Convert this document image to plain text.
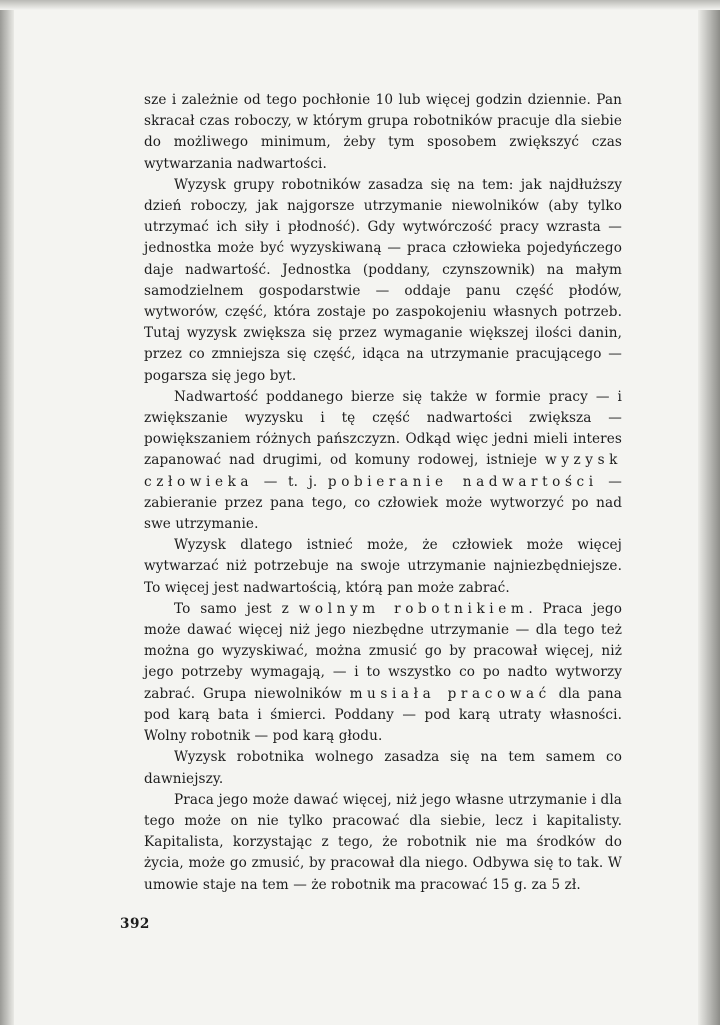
sze i zależnie od tego pochłonie 10 lub więcej godzin dziennie. Pan skracał czas roboczy, w którym grupa robotników pracuje dla siebie do możliwego minimum, żeby tym sposobem zwiększyć czas wytwarzania nadwartości.

Wyzysk grupy robotników zasadza się na tem: jak najdłuższy dzień roboczy, jak najgorsze utrzymanie niewolników (aby tylko utrzymać ich siły i płodność). Gdy wytwórczość pracy wzrasta — jednostka może być wyzyskiwaną — praca człowieka pojedyńczego daje nadwartość. Jednostka (poddany, czynszownik) na małym samodzielnem gospodarstwie — oddaje panu część płodów, wytworów, część, która zostaje po zaspokojeniu własnych potrzeb. Tutaj wyzysk zwiększa się przez wymaganie większej ilości danin, przez co zmniejsza się część, idąca na utrzymanie pracującego — pogarsza się jego byt.

Nadwartość poddanego bierze się także w formie pracy — i zwiększanie wyzysku i tę część nadwartości zwiększa — powiększaniem różnych pańszczyzn. Odkąd więc jedni mieli interes zapanować nad drugimi, od komuny rodowej, istnieje wyzysk człowieka — t. j. pobieranie nadwartości — zabieranie przez pana tego, co człowiek może wytworzyć po nad swe utrzymanie.

Wyzysk dlatego istnieć może, że człowiek może więcej wytwarzać niż potrzebuje na swoje utrzymanie najniezbędniejsze. To więcej jest nadwartością, którą pan może zabrać.

To samo jest z wolnym robotnikiem. Praca jego może dawać więcej niż jego niezbędne utrzymanie — dla tego też można go wyzyskiwać, można zmusić go by pracował więcej, niż jego potrzeby wymagają, — i to wszystko co po nadto wytworzy zabrać. Grupa niewolników musiała pracować dla pana pod karą bata i śmierci. Poddany — pod karą utraty własności. Wolny robotnik — pod karą głodu.

Wyzysk robotnika wolnego zasadza się na tem samem co dawniejszy.

Praca jego może dawać więcej, niż jego własne utrzymanie i dla tego może on nie tylko pracować dla siebie, lecz i kapitalisty. Kapitalista, korzystając z tego, że robotnik nie ma środków do życia, może go zmusić, by pracował dla niego. Odbywa się to tak. W umowie staje na tem — że robotnik ma pracować 15 g. za 5 zł.

392
